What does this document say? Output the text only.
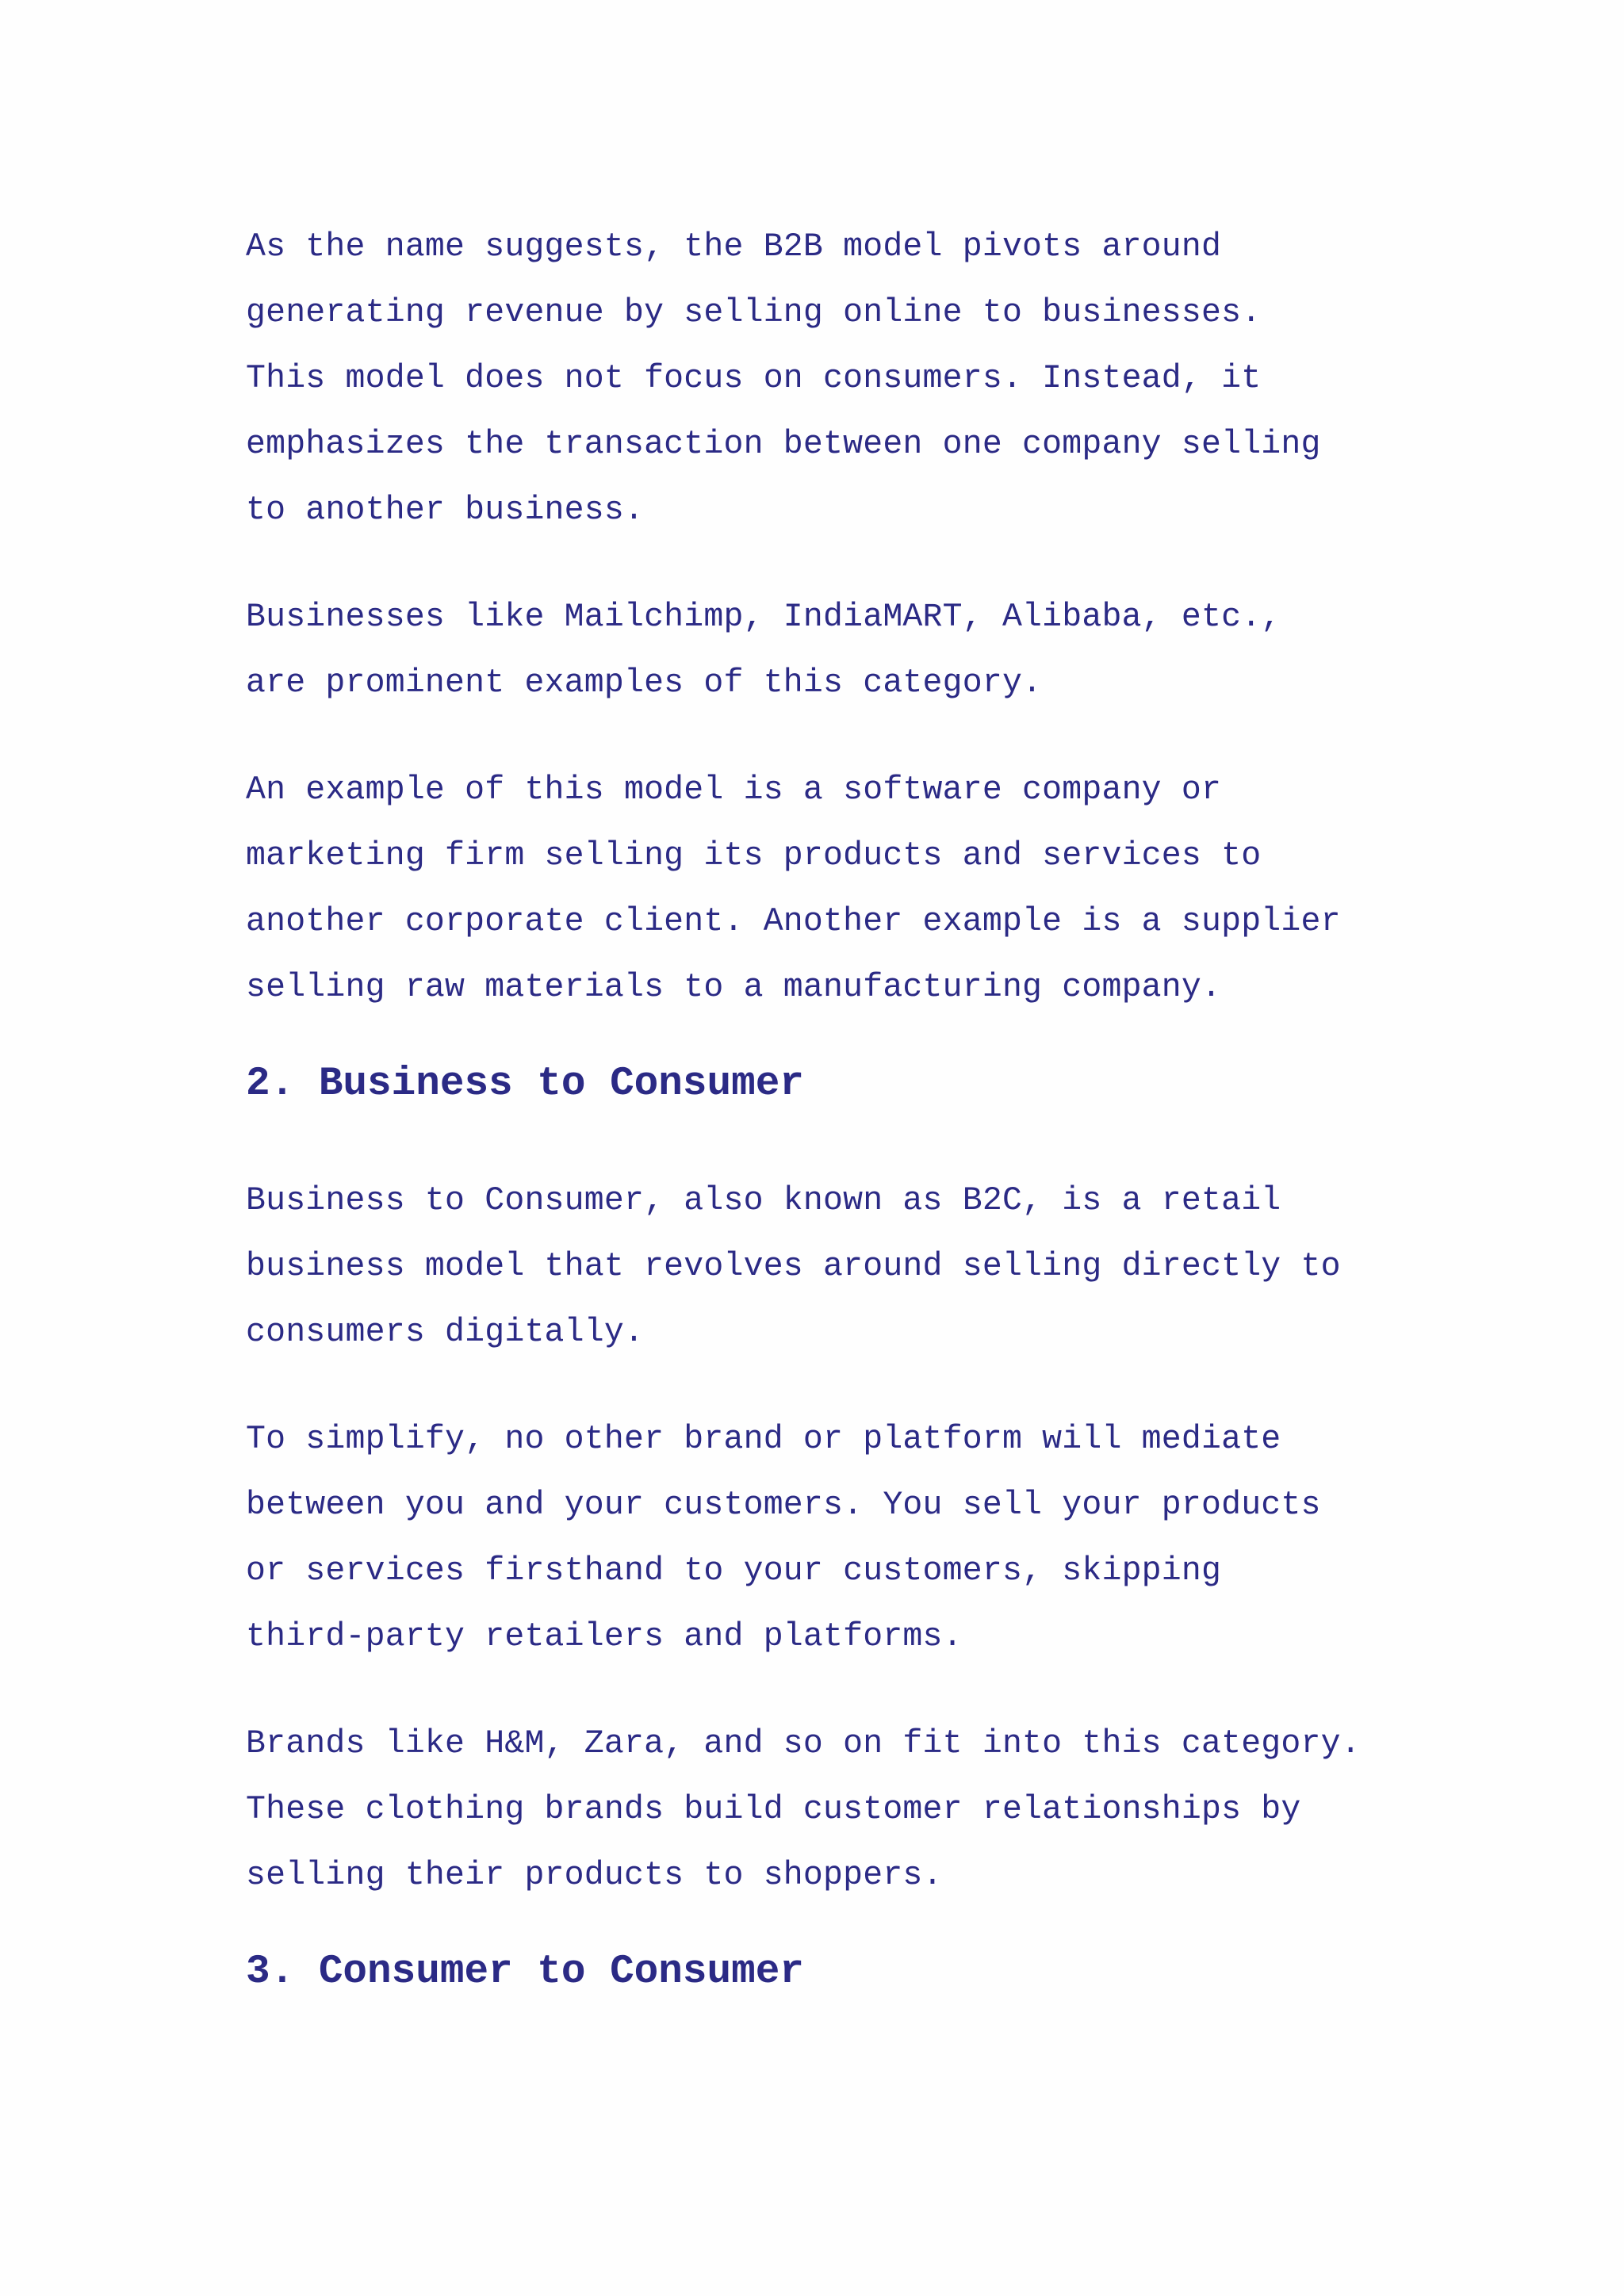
As the name suggests, the B2B model pivots around
generating revenue by selling online to businesses.
This model does not focus on consumers. Instead, it
emphasizes the transaction between one company selling
to another business.

Businesses like Mailchimp, IndiaMART, Alibaba, etc.,
are prominent examples of this category.

An example of this model is a software company or
marketing firm selling its products and services to
another corporate client. Another example is a supplier
selling raw materials to a manufacturing company.

2. Business to Consumer

Business to Consumer, also known as B2C, is a retail
business model that revolves around selling directly to
consumers digitally.

To simplify, no other brand or platform will mediate
between you and your customers. You sell your products
or services firsthand to your customers, skipping
third-party retailers and platforms.

Brands like H&M, Zara, and so on fit into this category.
These clothing brands build customer relationships by
selling their products to shoppers.

3. Consumer to Consumer
